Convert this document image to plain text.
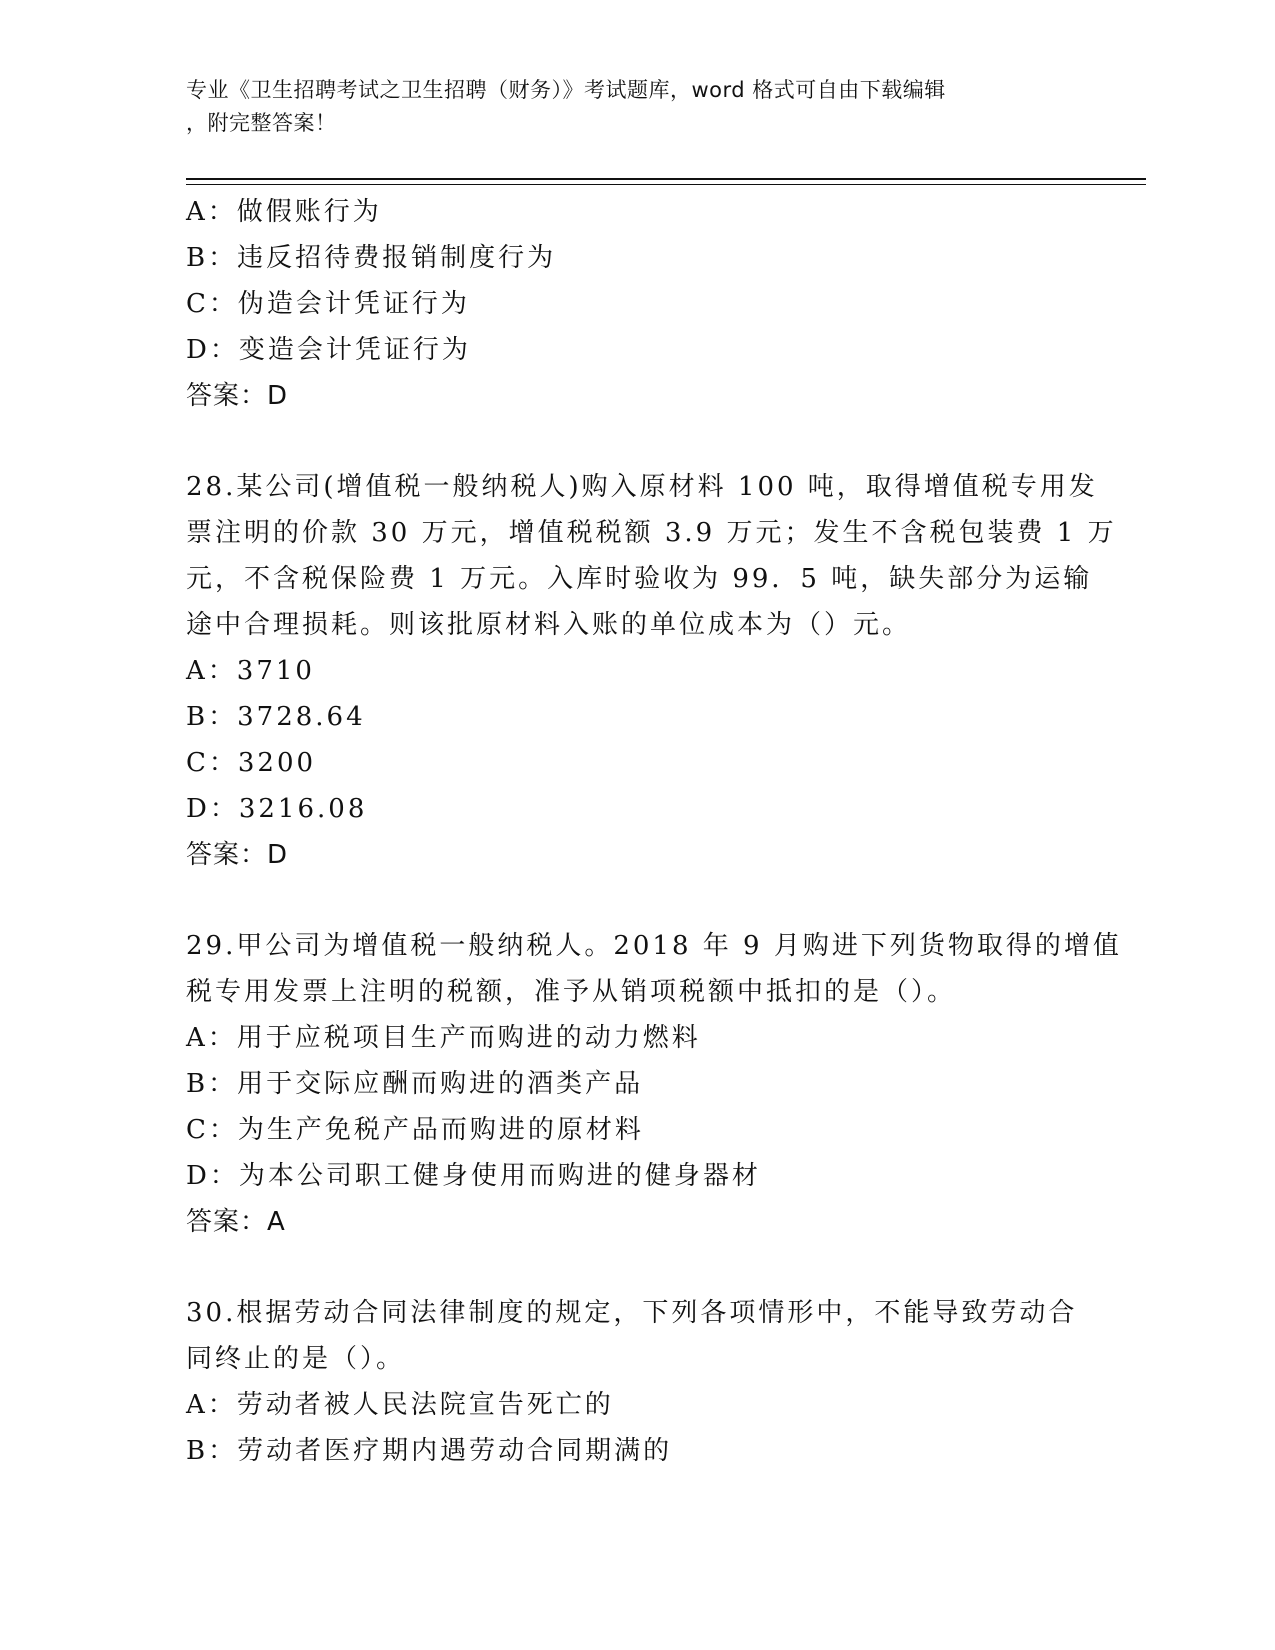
专业《卫生招聘考试之卫生招聘（财务）》考试题库，word 格式可自由下载编辑
，附完整答案！
A：做假账行为
B：违反招待费报销制度行为
C：伪造会计凭证行为
D：变造会计凭证行为
答案：D
28.某公司(增值税一般纳税人)购入原材料 100 吨，取得增值税专用发
票注明的价款 30 万元，增值税税额 3.9 万元；发生不含税包装费 1 万
元，不含税保险费 1 万元。入库时验收为 99．5 吨，缺失部分为运输
途中合理损耗。则该批原材料入账的单位成本为（）元。
A：3710
B：3728.64
C：3200
D：3216.08
答案：D
29.甲公司为增值税一般纳税人。2018 年 9 月购进下列货物取得的增值
税专用发票上注明的税额，准予从销项税额中抵扣的是（）。
A：用于应税项目生产而购进的动力燃料
B：用于交际应酬而购进的酒类产品
C：为生产免税产品而购进的原材料
D：为本公司职工健身使用而购进的健身器材
答案：A
30.根据劳动合同法律制度的规定，下列各项情形中，不能导致劳动合
同终止的是（）。
A：劳动者被人民法院宣告死亡的
B：劳动者医疗期内遇劳动合同期满的
